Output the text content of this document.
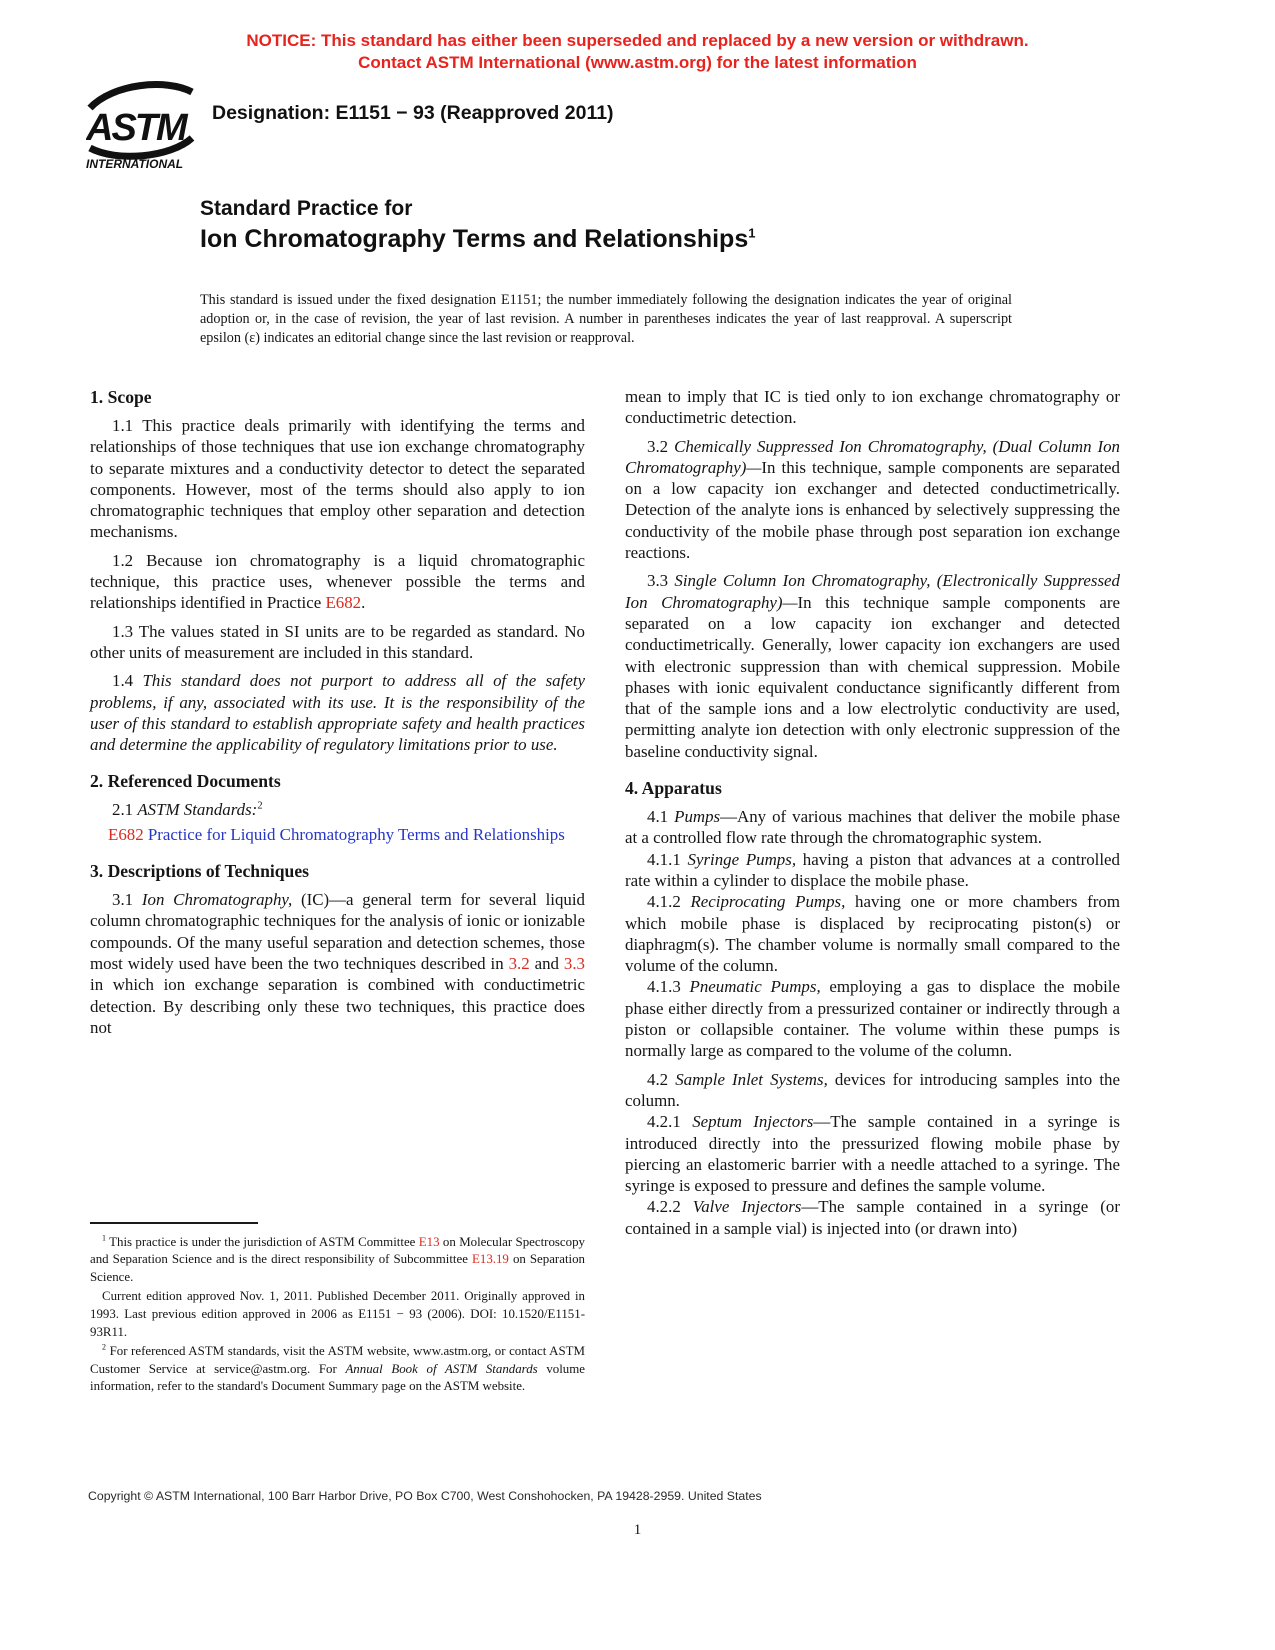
NOTICE: This standard has either been superseded and replaced by a new version or withdrawn.
Contact ASTM International (www.astm.org) for the latest information
ASTM
INTERNATIONAL
Designation: E1151 − 93 (Reapproved 2011)
Standard Practice for
Ion Chromatography Terms and Relationships$^1$
This standard is issued under the fixed designation E1151; the number immediately following the designation indicates the year of original adoption or, in the case of revision, the year of last revision. A number in parentheses indicates the year of last reapproval. A superscript epsilon (ε) indicates an editorial change since the last revision or reapproval.
1. Scope

1.1 This practice deals primarily with identifying the terms and relationships of those techniques that use ion exchange chromatography to separate mixtures and a conductivity detector to detect the separated components. However, most of the terms should also apply to ion chromatographic techniques that employ other separation and detection mechanisms.

1.2 Because ion chromatography is a liquid chromatographic technique, this practice uses, whenever possible the terms and relationships identified in Practice E682.

1.3 The values stated in SI units are to be regarded as standard. No other units of measurement are included in this standard.

1.4 This standard does not purport to address all of the safety problems, if any, associated with its use. It is the responsibility of the user of this standard to establish appropriate safety and health practices and determine the applicability of regulatory limitations prior to use.

2. Referenced Documents

2.1 ASTM Standards:$^2$

E682 Practice for Liquid Chromatography Terms and Relationships

3. Descriptions of Techniques

3.1 Ion Chromatography, (IC)—a general term for several liquid column chromatographic techniques for the analysis of ionic or ionizable compounds. Of the many useful separation and detection schemes, those most widely used have been the two techniques described in 3.2 and 3.3 in which ion exchange separation is combined with conductimetric detection. By describing only these two techniques, this practice does not

$^1$ This practice is under the jurisdiction of ASTM Committee E13 on Molecular Spectroscopy and Separation Science and is the direct responsibility of Subcommittee E13.19 on Separation Science.

Current edition approved Nov. 1, 2011. Published December 2011. Originally approved in 1993. Last previous edition approved in 2006 as E1151 − 93 (2006). DOI: 10.1520/E1151-93R11.

$^2$ For referenced ASTM standards, visit the ASTM website, www.astm.org, or contact ASTM Customer Service at service@astm.org. For Annual Book of ASTM Standards volume information, refer to the standard's Document Summary page on the ASTM website.

mean to imply that IC is tied only to ion exchange chromatography or conductimetric detection.

3.2 Chemically Suppressed Ion Chromatography, (Dual Column Ion Chromatography)—In this technique, sample components are separated on a low capacity ion exchanger and detected conductimetrically. Detection of the analyte ions is enhanced by selectively suppressing the conductivity of the mobile phase through post separation ion exchange reactions.

3.3 Single Column Ion Chromatography, (Electronically Suppressed Ion Chromatography)—In this technique sample components are separated on a low capacity ion exchanger and detected conductimetrically. Generally, lower capacity ion exchangers are used with electronic suppression than with chemical suppression. Mobile phases with ionic equivalent conductance significantly different from that of the sample ions and a low electrolytic conductivity are used, permitting analyte ion detection with only electronic suppression of the baseline conductivity signal.

4. Apparatus

4.1 Pumps—Any of various machines that deliver the mobile phase at a controlled flow rate through the chromatographic system.

4.1.1 Syringe Pumps, having a piston that advances at a controlled rate within a cylinder to displace the mobile phase.

4.1.2 Reciprocating Pumps, having one or more chambers from which mobile phase is displaced by reciprocating piston(s) or diaphragm(s). The chamber volume is normally small compared to the volume of the column.

4.1.3 Pneumatic Pumps, employing a gas to displace the mobile phase either directly from a pressurized container or indirectly through a piston or collapsible container. The volume within these pumps is normally large as compared to the volume of the column.

4.2 Sample Inlet Systems, devices for introducing samples into the column.

4.2.1 Septum Injectors—The sample contained in a syringe is introduced directly into the pressurized flowing mobile phase by piercing an elastomeric barrier with a needle attached to a syringe. The syringe is exposed to pressure and defines the sample volume.

4.2.2 Valve Injectors—The sample contained in a syringe (or contained in a sample vial) is injected into (or drawn into)

Copyright © ASTM International, 100 Barr Harbor Drive, PO Box C700, West Conshohocken, PA 19428-2959. United States
1
